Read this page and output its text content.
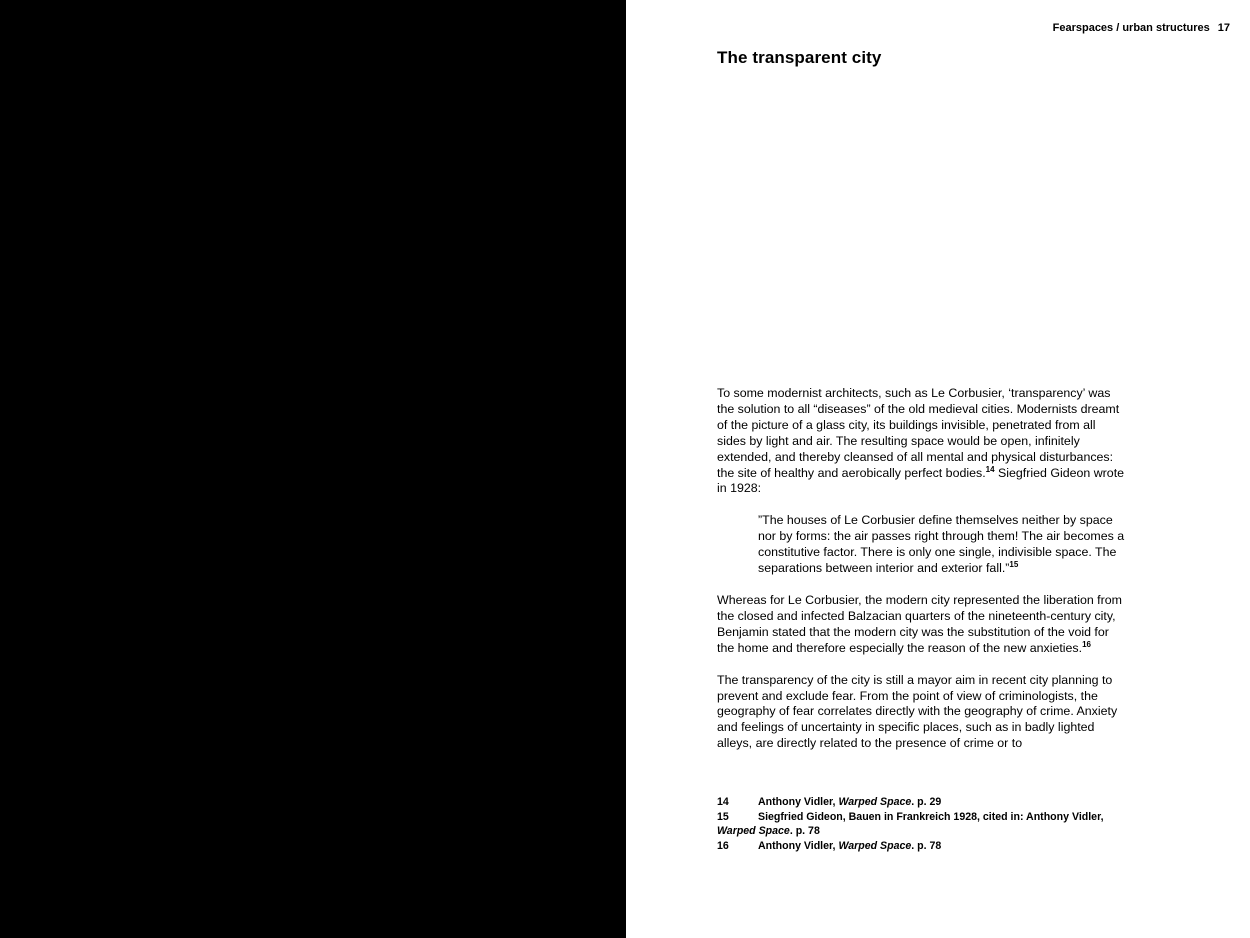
Fearspaces / urban structures 17
The transparent city

To some modernist architects, such as Le Corbusier, ‘transparency’ was the solution to all “diseases” of the old medieval cities. Modernists dreamt of the picture of a glass city, its buildings invisible, penetrated from all sides by light and air. The resulting space would be open, infinitely extended, and thereby cleansed of all mental and physical disturbances: the site of healthy and aerobically perfect bodies.$^{14}$ Siegfried Gideon wrote in 1928:

”The houses of Le Corbusier define themselves neither by space nor by forms: the air passes right through them! The air becomes a constitutive factor. There is only one single, indivisible space. The separations between interior and exterior fall.”$^{15}$

Whereas for Le Corbusier, the modern city represented the liberation from the closed and infected Balzacian quarters of the nineteenth-century city, Benjamin stated that the modern city was the substitution of the void for the home and therefore especially the reason of the new anxieties.$^{16}$

The transparency of the city is still a mayor aim in recent city planning to prevent and exclude fear. From the point of view of criminologists, the geography of fear correlates directly with the geography of crime. Anxiety and feelings of uncertainty in specific places, such as in badly lighted alleys, are directly related to the presence of crime or to

14	Anthony Vidler, Warped Space. p. 29

15	Siegfried Gideon, Bauen in Frankreich 1928, cited in: Anthony Vidler, Warped Space. p. 78

16	Anthony Vidler, Warped Space. p. 78
